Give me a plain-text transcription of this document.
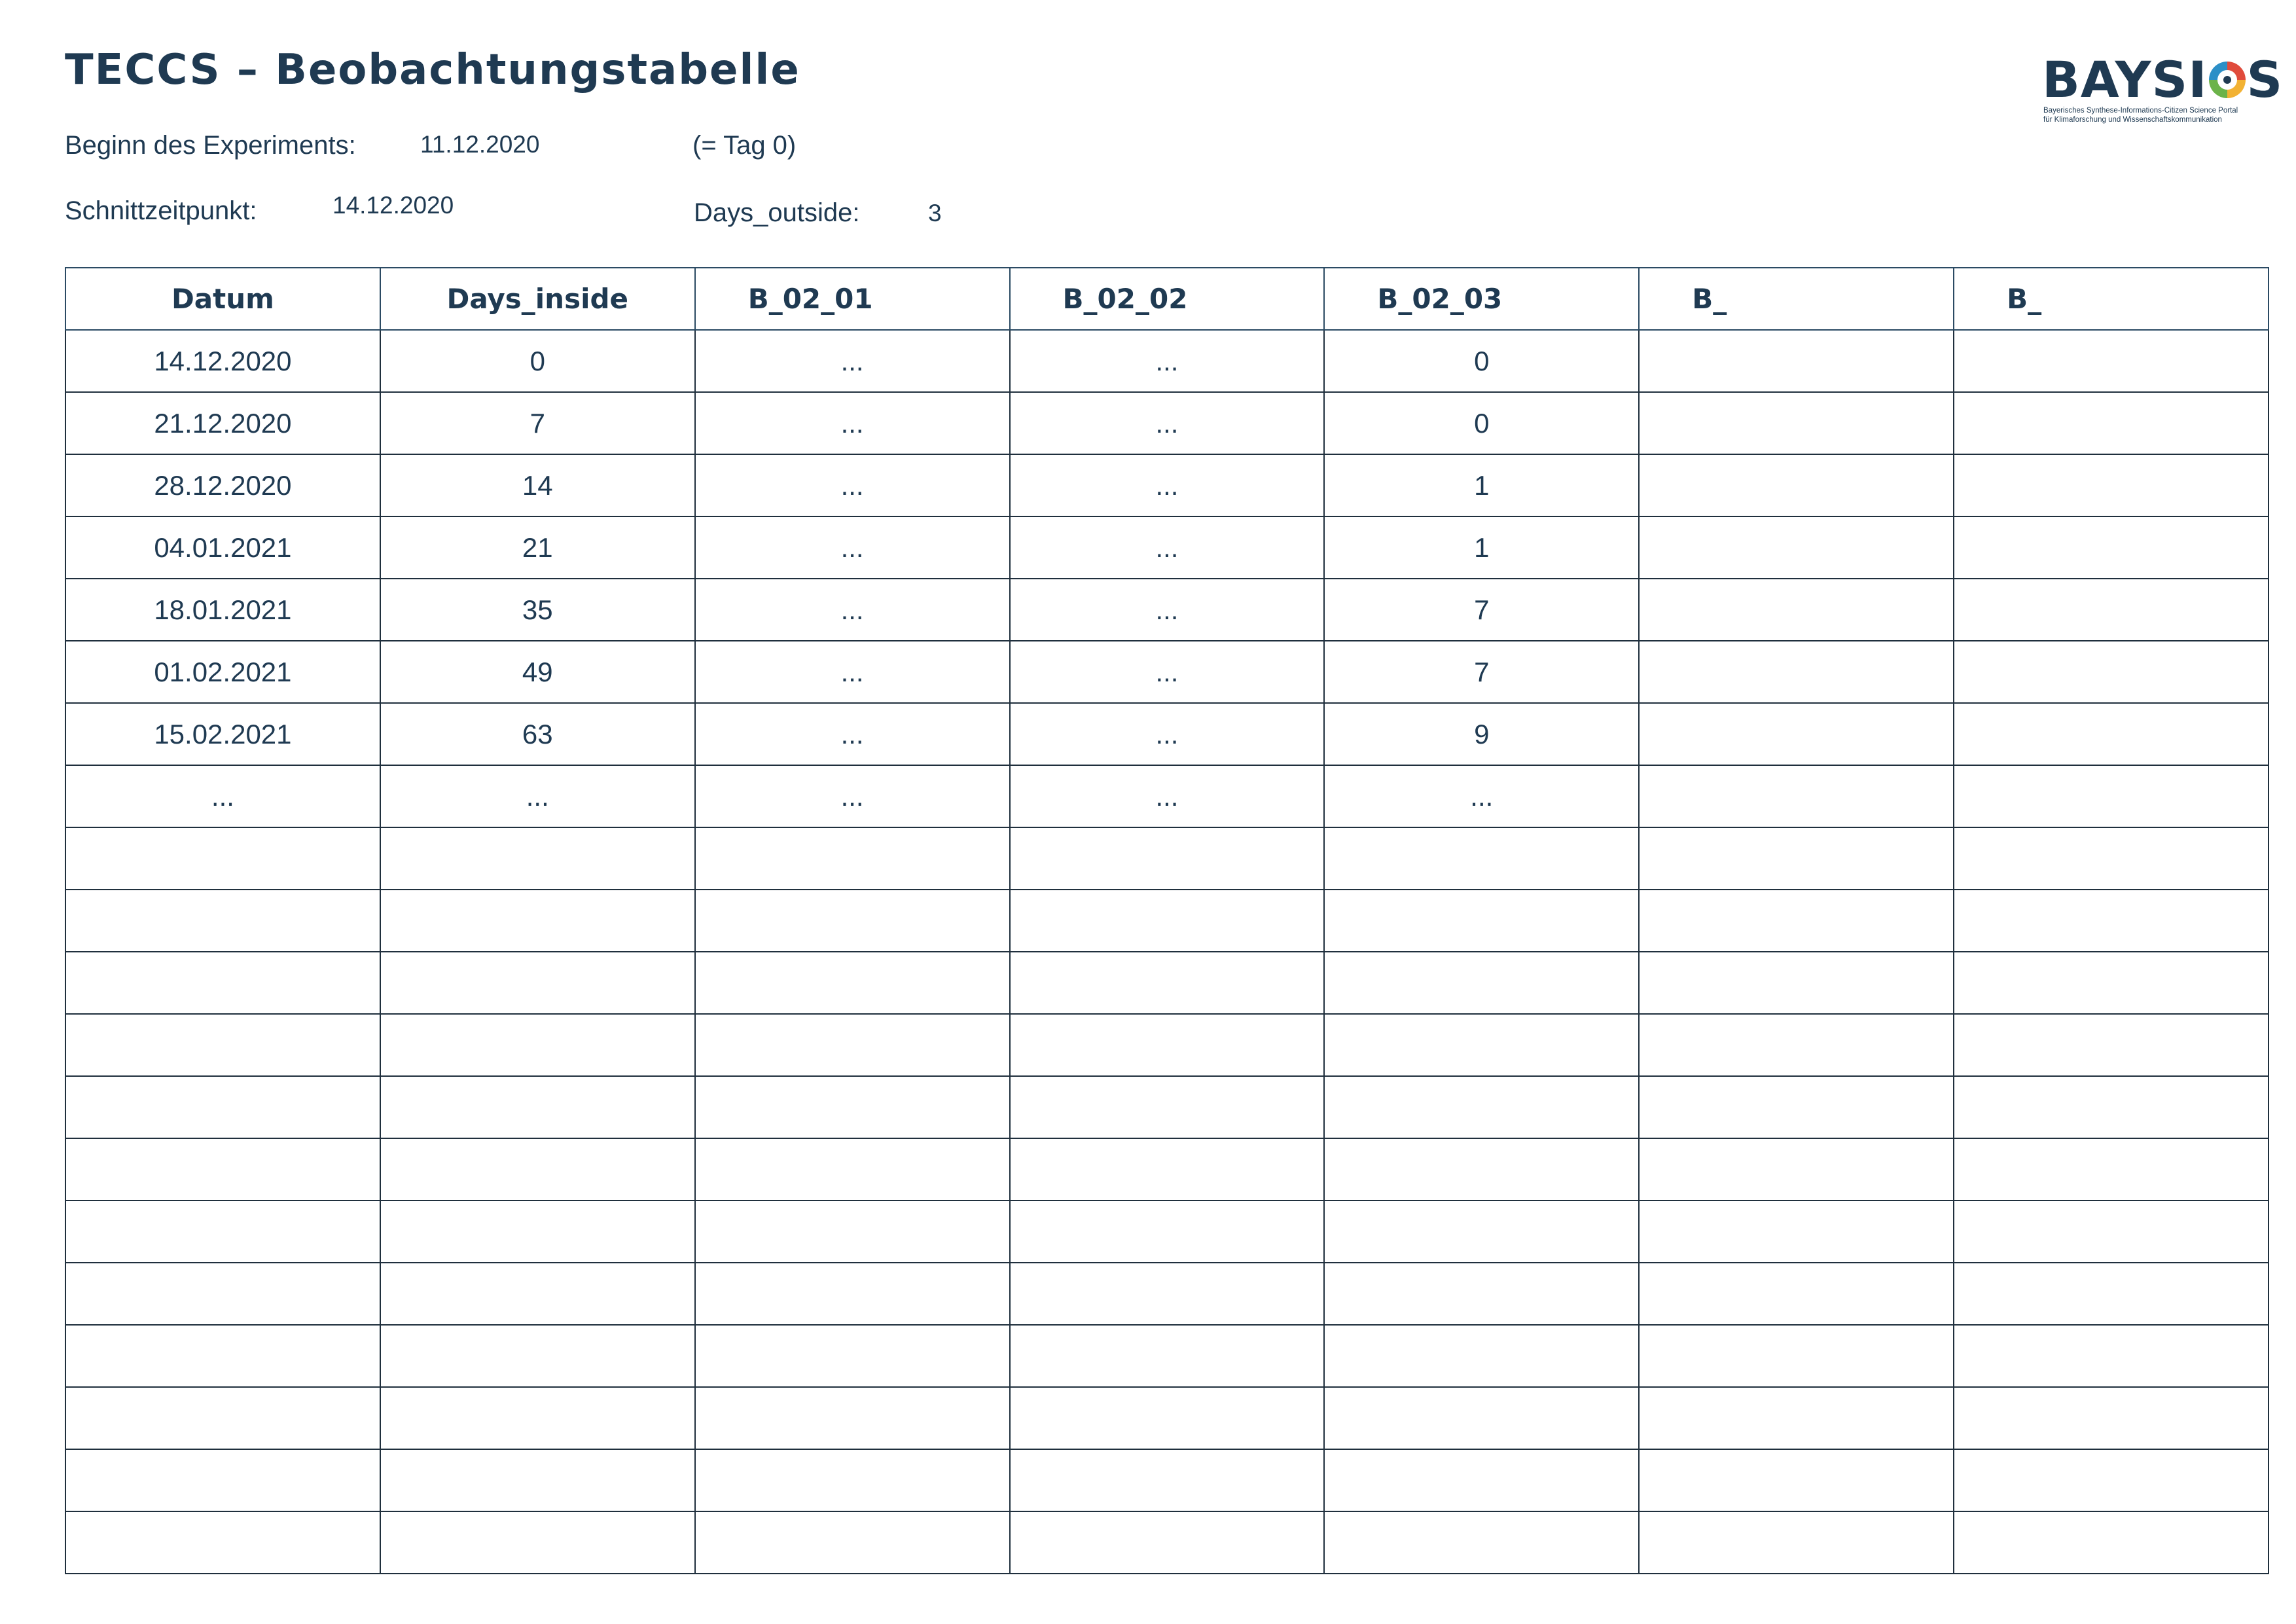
TECCS – Beobachtungstabelle
Beginn des Experiments:	11.12.2020	(= Tag 0)
Schnittzeitpunkt:	14.12.2020	Days_outside:	3
BAYSI S
Bayerisches Synthese-Informations-Citizen Science Portal
für Klimaforschung und Wissenschaftskommunikation
Datum	Days_inside	B_02_01	B_02_02	B_02_03	B_	B_
14.12.2020	0	...	...	0		
21.12.2020	7	...	...	0		
28.12.2020	14	...	...	1		
04.01.2021	21	...	...	1		
18.01.2021	35	...	...	7		
01.02.2021	49	...	...	7		
15.02.2021	63	...	...	9		
...	...	...	...	...		
